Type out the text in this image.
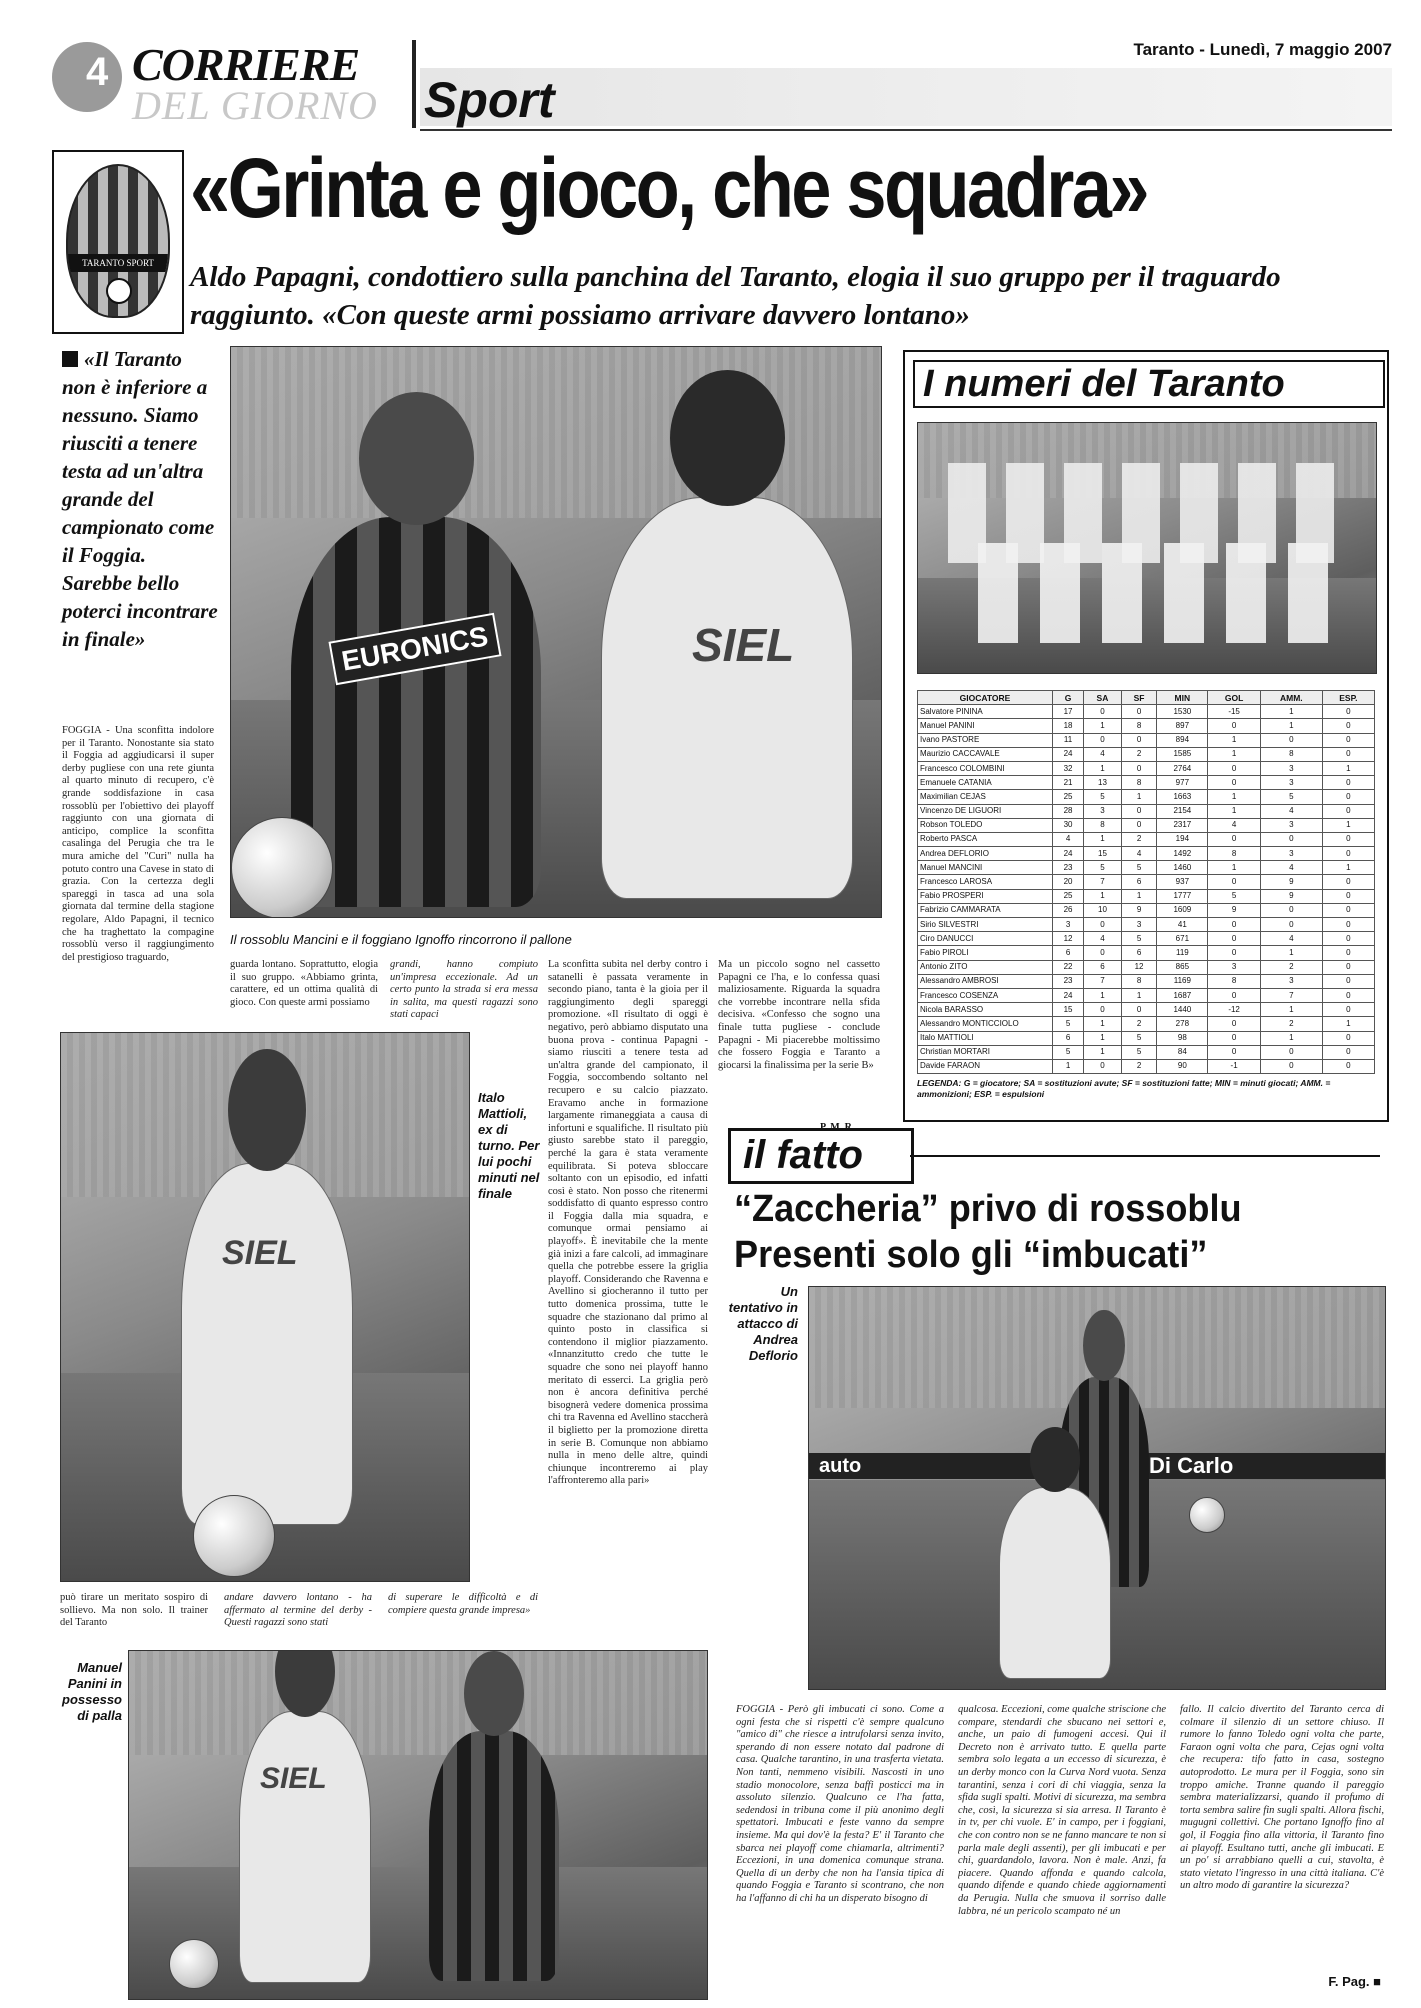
4 CORRIERE
DEL GIORNO Sport
Taranto - Lunedì, 7 maggio 2007
TARANTO SPORT
«Grinta e gioco, che squadra»
Aldo Papagni, condottiero sulla panchina del Taranto, elogia il suo gruppo per il traguardo raggiunto. «Con queste armi possiamo arrivare davvero lontano»
«Il Taranto non è inferiore a nessuno. Siamo riusciti a tenere testa ad un'altra grande del campionato come il Foggia. Sarebbe bello poterci incontrare in finale»

FOGGIA - Una sconfitta indolore per il Taranto. Nonostante sia stato il Foggia ad aggiudicarsi il super derby pugliese con una rete giunta al quarto minuto di recupero, c'è grande soddisfazione in casa rossoblù per l'obiettivo dei playoff raggiunto con una giornata di anticipo, complice la sconfitta casalinga del Perugia che tra le mura amiche del "Curi" nulla ha potuto contro una Cavese in stato di grazia. Con la certezza degli spareggi in tasca ad una sola giornata dal termine della stagione regolare, Aldo Papagni, il tecnico che ha traghettato la compagine rossoblù verso il raggiungimento del prestigioso traguardo,

EURONICS	SIEL
Il rossoblu Mancini e il foggiano Ignoffo rincorrono il pallone

guarda lontano. Soprattutto, elogia il suo gruppo. «Abbiamo grinta, carattere, ed un ottima qualità di gioco. Con queste armi possiamo

grandi, hanno compiuto un'impresa eccezionale. Ad un certo punto la strada si era messa in salita, ma questi ragazzi sono stati capaci

La sconfitta subita nel derby contro i satanelli è passata veramente in secondo piano, tanta è la gioia per il raggiungimento degli spareggi promozione. «Il risultato di oggi è negativo, però abbiamo disputato una buona prova - continua Papagni - siamo riusciti a tenere testa ad un'altra grande del campionato, il Foggia, soccombendo soltanto nel recupero e su calcio piazzato. Eravamo anche in formazione largamente rimaneggiata a causa di infortuni e squalifiche. Il risultato più giusto sarebbe stato il pareggio, perché la gara è stata veramente equilibrata. Si poteva sbloccare soltanto con un episodio, ed infatti così è stato. Non posso che ritenermi soddisfatto di quanto espresso contro il Foggia dalla mia squadra, e comunque ormai pensiamo ai playoff». È inevitabile che la mente già inizi a fare calcoli, ad immaginare quella che potrebbe essere la griglia playoff. Considerando che Ravenna e Avellino si giocheranno il tutto per tutto domenica prossima, tutte le squadre che stazionano dal primo al quinto posto in classifica si contendono il miglior piazzamento. «Innanzitutto credo che tutte le squadre che sono nei playoff hanno meritato di esserci. La griglia però non è ancora definitiva perché bisognerà vedere domenica prossima chi tra Ravenna ed Avellino staccherà il biglietto per la promozione diretta in serie B. Comunque non abbiamo nulla in meno delle altre, quindi chiunque incontreremo ai play l'affronteremo alla pari»

Ma un piccolo sogno nel cassetto Papagni ce l'ha, e lo confessa quasi maliziosamente. Riguarda la squadra che vorrebbe incontrare nella sfida decisiva. «Confesso che sogno una finale tutta pugliese - conclude Papagni - Mi piacerebbe moltissimo che fossero Foggia e Taranto a giocarsi la finalissima per la serie B»

P. M. R.
SIEL
Italo Mattioli, ex di turno. Per lui pochi minuti nel finale

può tirare un meritato sospiro di sollievo. Ma non solo. Il trainer del Taranto

andare davvero lontano - ha affermato al termine del derby - Questi ragazzi sono stati

di superare le difficoltà e di compiere questa grande impresa»

SIEL
Manuel Panini in possesso di palla
I numeri del Taranto
GIOCATORE	G	SA	SF	MIN	GOL	AMM.	ESP.
Salvatore PININA	17	0	0	1530	-15	1	0
Manuel PANINI	18	1	8	897	0	1	0
Ivano PASTORE	11	0	0	894	1	0	0
Maurizio CACCAVALE	24	4	2	1585	1	8	0
Francesco COLOMBINI	32	1	0	2764	0	3	1
Emanuele CATANIA	21	13	8	977	0	3	0
Maximilian CEJAS	25	5	1	1663	1	5	0
Vincenzo DE LIGUORI	28	3	0	2154	1	4	0
Robson TOLEDO	30	8	0	2317	4	3	1
Roberto PASCA	4	1	2	194	0	0	0
Andrea DEFLORIO	24	15	4	1492	8	3	0
Manuel MANCINI	23	5	5	1460	1	4	1
Francesco LAROSA	20	7	6	937	0	9	0
Fabio PROSPERI	25	1	1	1777	5	9	0
Fabrizio CAMMARATA	26	10	9	1609	9	0	0
Sirio SILVESTRI	3	0	3	41	0	0	0
Ciro DANUCCI	12	4	5	671	0	4	0
Fabio PIROLI	6	0	6	119	0	1	0
Antonio ZITO	22	6	12	865	3	2	0
Alessandro AMBROSI	23	7	8	1169	8	3	0
Francesco COSENZA	24	1	1	1687	0	7	0
Nicola BARASSO	15	0	0	1440	-12	1	0
Alessandro MONTICCIOLO	5	1	2	278	0	2	1
Italo MATTIOLI	6	1	5	98	0	1	0
Christian MORTARI	5	1	5	84	0	0	0
Davide FARAON	1	0	2	90	-1	0	0
LEGENDA: G = giocatore; SA = sostituzioni avute; SF = sostituzioni fatte; MIN = minuti giocati; AMM. = ammonizioni; ESP. = espulsioni
il fatto
“Zaccheria” privo di rossoblu Presenti solo gli “imbucati”
Un tentativo in attacco di Andrea Deflorio
auto	Di Carlo

FOGGIA - Però gli imbucati ci sono. Come a ogni festa che si rispetti c'è sempre qualcuno "amico di" che riesce a intrufolarsi senza invito, sperando di non essere notato dal padrone di casa. Qualche tarantino, in una trasferta vietata. Non tanti, nemmeno visibili. Nascosti in uno stadio monocolore, senza baffi posticci ma in assoluto silenzio. Qualcuno ce l'ha fatta, sedendosi in tribuna come il più anonimo degli spettatori. Imbucati e feste vanno da sempre insieme. Ma qui dov'è la festa? E' il Taranto che sbarca nei playoff come chiamarla, altrimenti? Eccezioni, in una domenica comunque strana. Quella di un derby che non ha l'ansia tipica di quando Foggia e Taranto si scontrano, che non ha l'affanno di chi ha un disperato bisogno di

qualcosa. Eccezioni, come qualche striscione che compare, stendardi che sbucano nei settori e, anche, un paio di fumogeni accesi. Qui il Decreto non è arrivato tutto. E quella parte sembra solo legata a un eccesso di sicurezza, è un derby monco con la Curva Nord vuota. Senza tarantini, senza i cori di chi viaggia, senza la sfida sugli spalti. Motivi di sicurezza, ma sembra che, così, la sicurezza si sia arresa. Il Taranto è in tv, per chi vuole. E' in campo, per i foggiani, che con contro non se ne fanno mancare te non si parla male degli assenti), per gli imbucati e per chi, guardandolo, lavora. Non è male. Anzi, fa piacere. Quando affonda e quando calcola, quando difende e quando chiede aggiornamenti da Perugia. Nulla che smuova il sorriso dalle labbra, né un pericolo scampato né un

fallo. Il calcio divertito del Taranto cerca di colmare il silenzio di un settore chiuso. Il rumore lo fanno Toledo ogni volta che parte, Faraon ogni volta che para, Cejas ogni volta che recupera: tifo fatto in casa, sostegno autoprodotto. Le mura per il Foggia, sono sin troppo amiche. Tranne quando il pareggio sembra materializzarsi, quando il profumo di torta sembra salire fin sugli spalti. Allora fischi, mugugni collettivi. Che portano Ignoffo fino al gol, il Foggia fino alla vittoria, il Taranto fino ai playoff. Esultano tutti, anche gli imbucati. E un po' si arrabbiano quelli a cui, stavolta, è stato vietato l'ingresso in una città italiana. C'è un altro modo di garantire la sicurezza?

F. Pag. ■
